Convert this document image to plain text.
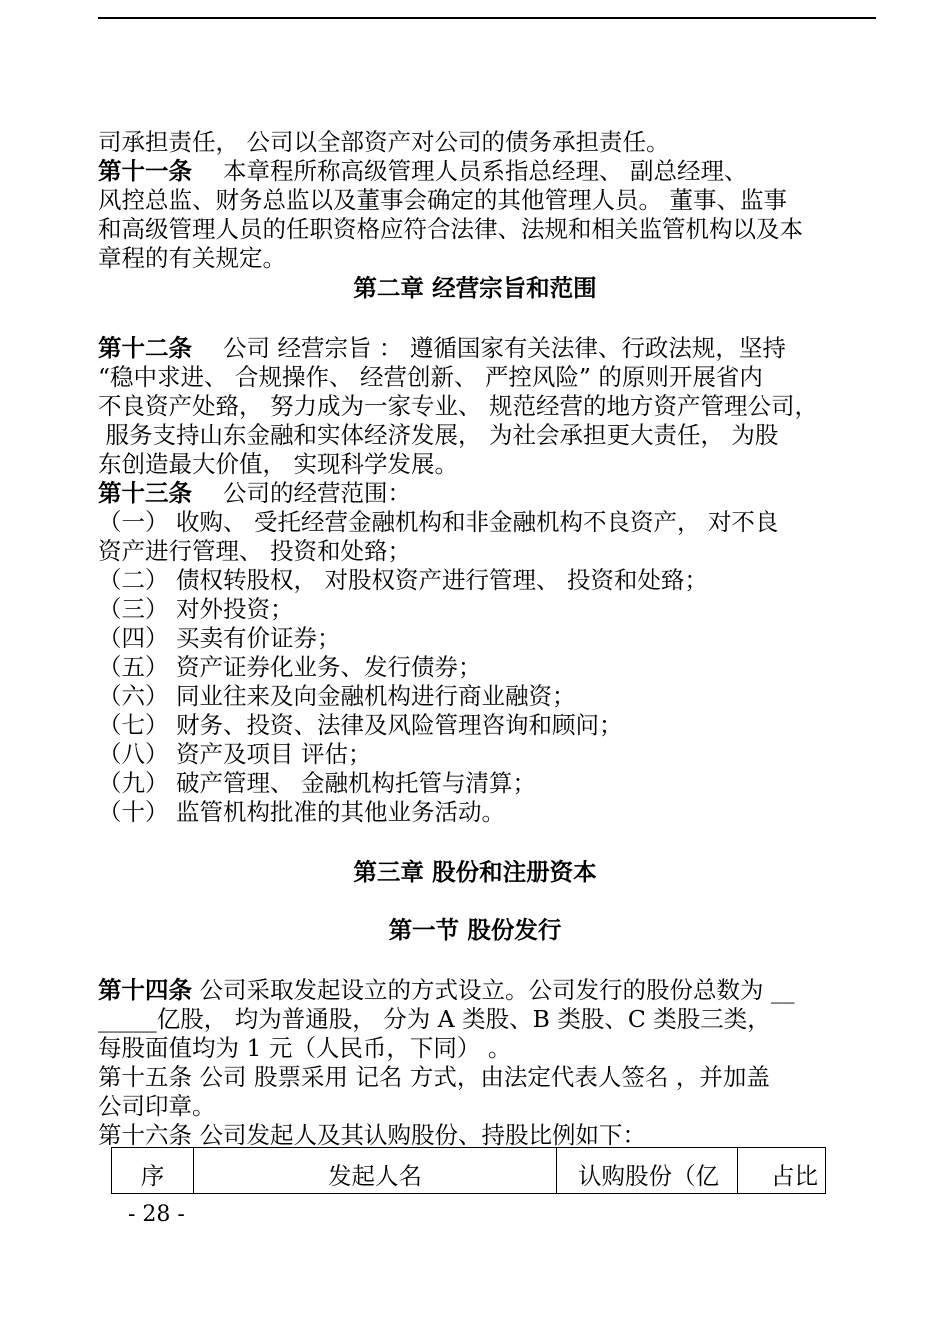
司承担责任， 公司以全部资产对公司的债务承担责任。
第十一条　 本章程所称高级管理人员系指总经理、 副总经理、
风控总监、财务总监以及董事会确定的其他管理人员。 董事、监事
和高级管理人员的任职资格应符合法律、法规和相关监管机构以及本
章程的有关规定。
第二章 经营宗旨和范围
第十二条　 公司 经营宗旨 ： 遵循国家有关法律、行政法规，坚持
“稳中求进、 合规操作、 经营创新、 严控风险” 的原则开展省内
不良资产处臵， 努力成为一家专业、 规范经营的地方资产管理公司，
服务支持山东金融和实体经济发展， 为社会承担更大责任， 为股
东创造最大价值， 实现科学发展。
第十三条　 公司的经营范围：
（一） 收购、 受托经营金融机构和非金融机构不良资产， 对不良
资产进行管理、 投资和处臵；
（二） 债权转股权， 对股权资产进行管理、 投资和处臵；
（三） 对外投资；
（四） 买卖有价证券；
（五） 资产证券化业务、发行债券；
（六） 同业往来及向金融机构进行商业融资；
（七） 财务、投资、法律及风险管理咨询和顾问；
（八） 资产及项目 评估；
（九） 破产管理、 金融机构托管与清算；
（十） 监管机构批准的其他业务活动。
第三章 股份和注册资本
第一节 股份发行
第十四条 公司采取发起设立的方式设立。公司发行的股份总数为 __
_____亿股， 均为普通股， 分为 A 类股、B 类股、C 类股三类，
每股面值均为 1 元（人民币，下同） 。
第十五条 公司 股票采用 记名 方式，由法定代表人签名 ，并加盖
公司印章。
第十六条 公司发起人及其认购股份、持股比例如下：
序	发起人名	认购股份（亿	占比
- 28 -
